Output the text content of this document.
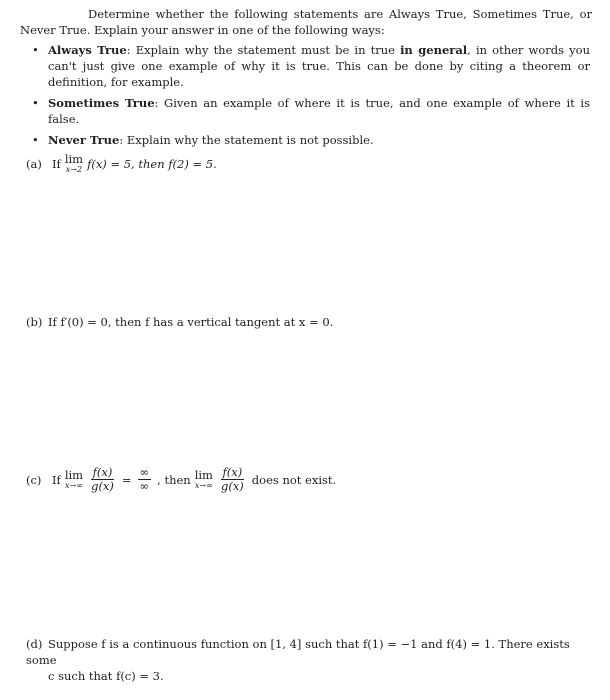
Determine whether the following statements are Always True, Sometimes True, or Never True. Explain your answer in one of the following ways:
• Always True: Explain why the statement must be in true in general, in other words you can't just give one example of why it is true. This can be done by citing a theorem or definition, for example.
• Sometimes True: Given an example of where it is true, and one example of where it is false.
• Never True: Explain why the statement is not possible.
(a) If lim
x→2 f(x) = 5, then f(2) = 5.
(b) If f′(0) = 0, then f has a vertical tangent at x = 0.
(c) If lim
$x\to\infty \frac{f(x)}{g(x)} = \frac{\infty}{\infty}$ , then lim
$x\to\infty \frac{f(x)}{g(x)}$ does not exist.
(d) Suppose f is a continuous function on [1, 4] such that f(1) = −1 and f(4) = 1. There exists some
c such that f(c) = 3.
